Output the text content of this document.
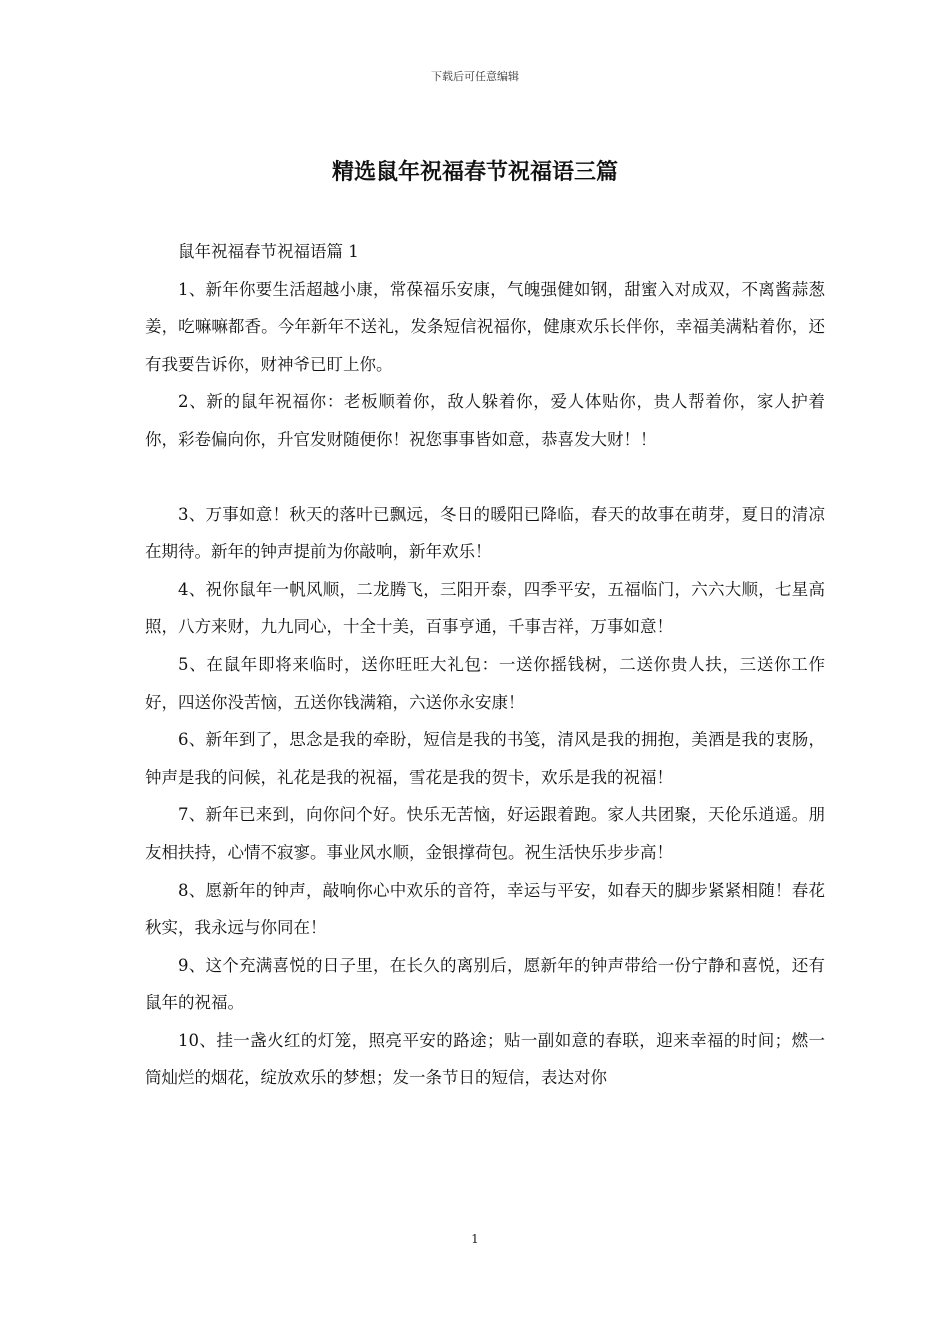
下载后可任意编辑
精选鼠年祝福春节祝福语三篇

鼠年祝福春节祝福语篇 1

1、新年你要生活超越小康，常葆福乐安康，气魄强健如钢，甜蜜入对成双，不离酱蒜葱姜，吃嘛嘛都香。今年新年不送礼，发条短信祝福你，健康欢乐长伴你，幸福美满粘着你，还有我要告诉你，财神爷已盯上你。

2、新的鼠年祝福你：老板顺着你，敌人躲着你，爱人体贴你，贵人帮着你，家人护着你，彩卷偏向你，升官发财随便你！祝您事事皆如意，恭喜发大财！！

3、万事如意！秋天的落叶已飘远，冬日的暖阳已降临，春天的故事在萌芽，夏日的清凉在期待。新年的钟声提前为你敲响，新年欢乐！

4、祝你鼠年一帆风顺，二龙腾飞，三阳开泰，四季平安，五福临门，六六大顺，七星高照，八方来财，九九同心，十全十美，百事亨通，千事吉祥，万事如意！

5、在鼠年即将来临时，送你旺旺大礼包：一送你摇钱树，二送你贵人扶，三送你工作好，四送你没苦恼，五送你钱满箱，六送你永安康！

6、新年到了，思念是我的牵盼，短信是我的书笺，清风是我的拥抱，美酒是我的衷肠，钟声是我的问候，礼花是我的祝福，雪花是我的贺卡，欢乐是我的祝福！

7、新年已来到，向你问个好。快乐无苦恼，好运跟着跑。家人共团聚，天伦乐逍遥。朋友相扶持，心情不寂寥。事业风水顺，金银撑荷包。祝生活快乐步步高！

8、愿新年的钟声，敲响你心中欢乐的音符，幸运与平安，如春天的脚步紧紧相随！春花秋实，我永远与你同在！

9、这个充满喜悦的日子里，在长久的离别后，愿新年的钟声带给一份宁静和喜悦，还有鼠年的祝福。

10、挂一盏火红的灯笼，照亮平安的路途；贴一副如意的春联，迎来幸福的时间；燃一筒灿烂的烟花，绽放欢乐的梦想；发一条节日的短信，表达对你

1
